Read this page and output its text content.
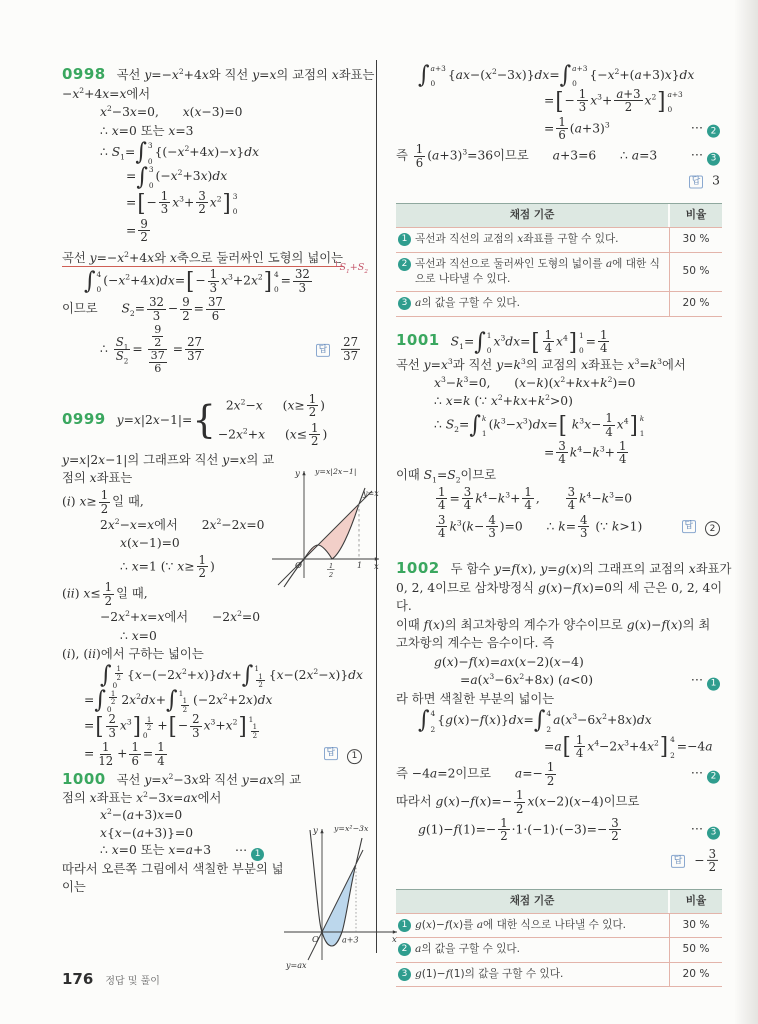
0998 곡선 $y=-x^2+4x$와 직선 y=x의 교점의 x좌표는
$-x^2+4x=x$에서
$x^2-3x=0$,  x(x−3)=0
∴ x=0 또는 x=3
∴ $S_1=$ ∫ 3
0
$\{(-x^2+4x)-x\}dx$
= ∫ 3
0
$(-x^2+3x)dx$
=[− $\frac{1}{3} x^3+ \frac{3}{2} x^2$] 3
0
= $\frac{9}{2}$
곡선 $y=-x^2+4x$와 x축으로 둘러싸인 도형의 넓이는
∫ 4
0
$(-x^2+4x)dx=[- \frac{1}{3} x^3+2x^2]$ 4
0
= $\frac{32}{3}$
$└S_1+S_2$
이므로  $S_2= \frac{32}{3} - \frac{9}{2} = \frac{37}{6}$
∴ $\frac{S_1}{S_2} = \frac{\frac{9}{2}}{\frac{37}{6}} = \frac{27}{37}$	답 $\frac{27}{37}$
0999 y=x|2x−1|= { $2x^2-x$ ($x\ge \frac{1}{2}$ )
$-2x^2+x$ ($x\le \frac{1}{2}$ )
y=x|2x−1|의 그래프와 직선 y=x의 교
점의 x좌표는
(i) $x\ge \frac{1}{2}$ 일 때,
$2x^2-x=x$에서  $2x^2-2x=0$
x(x−1)=0
∴ x=1 (∵ $x\ge \frac{1}{2}$ )
(ii) $x\le \frac{1}{2}$ 일 때,
$-2x^2+x=x$에서  $-2x^2=0$
∴ x=0
(i), (ii)에서 구하는 넓이는
∫ $\frac{1}{2}$
0
$\{x-(-2x^2+x)\}dx+$ ∫ 1
$\frac{1}{2} \{x-(2x^2-x)\}dx$
= ∫ $\frac{1}{2}$
0
$2x^2dx+$ ∫ 1
$\frac{1}{2} (-2x^2+2x)dx$
=[ $\frac{2}{3} x^3] \frac{1}{2}$
0
+[− $\frac{2}{3} x^3+x^2$] 1
$\frac{1}{2}$
= $\frac{1}{12} + \frac{1}{6} = \frac{1}{4}$	답 1
1000 곡선 $y=x^2-3x$와 직선 y=ax의 교
점의 x좌표는 $x^2-3x=ax$에서
$x^2-(a+3)x=0$
x{x−(a+3)}=0
∴ x=0 또는 x=a+3  ⋯ 1
따라서 오른쪽 그림에서 색칠한 부분의 넓
이는
∫ a+3
0
$\{ax-(x^2-3x)\}dx=$ ∫ a+3
0
$\{-x^2+(a+3)x\}dx$
=[− $\frac{1}{3} x^3+ \frac{a+3}{2} x^2$] a+3
0
= $\frac{1}{6} (a+3)^3$	⋯ 2
즉 $\frac{1}{6} (a+3)^3=36$이므로  a+3=6  ∴ a=3	⋯ 3
답 3
채점 기준	비율
1 곡선과 직선의 교점의 x좌표를 구할 수 있다.	30 %
2 곡선과 직선으로 둘러싸인 도형의 넓이를 a에 대한 식으로 나타낼 수 있다.
50 %
3 a의 값을 구할 수 있다.	20 %
1001 $S_1=$ ∫ 1
0
$x^3dx=[ \frac{1}{4} x^4]$ 1
0
= $\frac{1}{4}$
곡선 $y=x^3$과 직선 $y=k^3$의 교점의 x좌표는 $x^3=k^3$에서
$x^3-k^3=0$,  $(x-k)(x^2+kx+k^2)=0$
∴ x=k (∵ $x^2+kx+k^2>0$)
∴ $S_2=$ ∫ k
1
$(k^3-x^3)dx=$[ $k^3x- \frac{1}{4} x^4$] k
1
= $\frac{3}{4} k^4-k^3+ \frac{1}{4}$
이때 $S_1=S_2$이므로
$\frac{1}{4} = \frac{3}{4} k^4-k^3+ \frac{1}{4}$ , $\frac{3}{4} k^4-k^3=0$
$\frac{3}{4} k^3(k- \frac{4}{3} )=0$  ∴ $k= \frac{4}{3}$ (∵ k>1)	답 2
1002 두 함수 y=f(x), y=g(x)의 그래프의 교점의 x좌표가
0, 2, 4이므로 삼차방정식 g(x)−f(x)=0의 세 근은 0, 2, 4이
다.
이때 f(x)의 최고차항의 계수가 양수이므로 g(x)−f(x)의 최
고차항의 계수는 음수이다. 즉
g(x)−f(x)=ax(x−2)(x−4)
$=a(x^3-6x^2+8x)$ (a<0)	⋯ 1
라 하면 색칠한 부분의 넓이는
∫ 4
2
{g(x)−f(x)}dx= ∫ 4
2
$a(x^3-6x^2+8x)dx$
$=a[ \frac{1}{4} x^4-2x^3+4x^2]$ 4
2
=−4a
즉 −4a=2이므로  $a=- \frac{1}{2}$	⋯ 2
따라서 $g(x)-f(x)=- \frac{1}{2} x(x-2)(x-4)$이므로
$g(1)-f(1)=- \frac{1}{2} \cdot 1\cdot(-1)\cdot(-3)=- \frac{3}{2}$	⋯ 3
답 − $\frac{3}{2}$
채점 기준	비율
1 g(x)−f(x)를 a에 대한 식으로 나타낼 수 있다.	30 %
2 a의 값을 구할 수 있다.	50 %
3 g(1)−f(1)의 값을 구할 수 있다.	20 %
y y=x|2x−1|
y=x
O	1
2
1 x
y y=x²−3x
O	a+3	x
y=ax
176 정답 및 풀이
